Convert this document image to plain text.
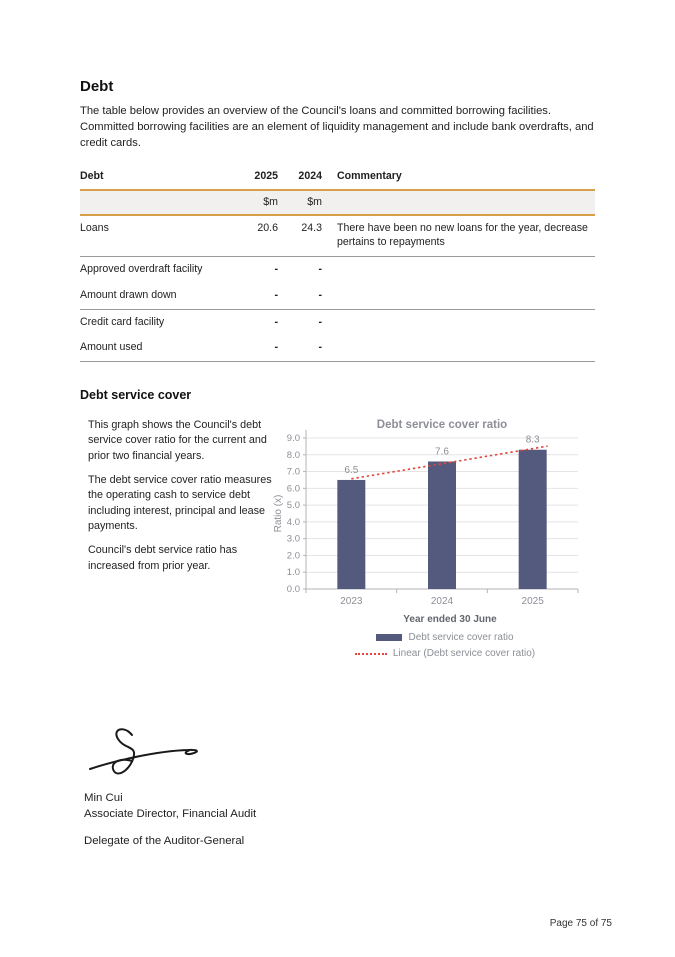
Debt

The table below provides an overview of the Council's loans and committed borrowing facilities. Committed borrowing facilities are an element of liquidity management and include bank overdrafts, and credit cards.

Debt	2025	2024	Commentary
	$m	$m	
Loans	20.6	24.3	There have been no new loans for the year, decrease pertains to repayments
Approved overdraft facility	-	-	
Amount drawn down	-	-	
Credit card facility	-	-	
Amount used	-	-	
Debt service cover

This graph shows the Council's debt service cover ratio for the current and prior two financial years.

The debt service cover ratio measures the operating cash to service debt including interest, principal and lease payments.

Council's debt service ratio has increased from prior year.

Debt service cover ratio
0.0
1.0
2.0
3.0
4.0
5.0
6.0
7.0
8.0
9.0
6.5
2023
7.6
2024
8.3
2025
Ratio (x)
Year ended 30 June
Debt service cover ratio
Linear (Debt service cover ratio)
Min Cui
Associate Director, Financial Audit
Delegate of the Auditor-General
Page 75 of 75
